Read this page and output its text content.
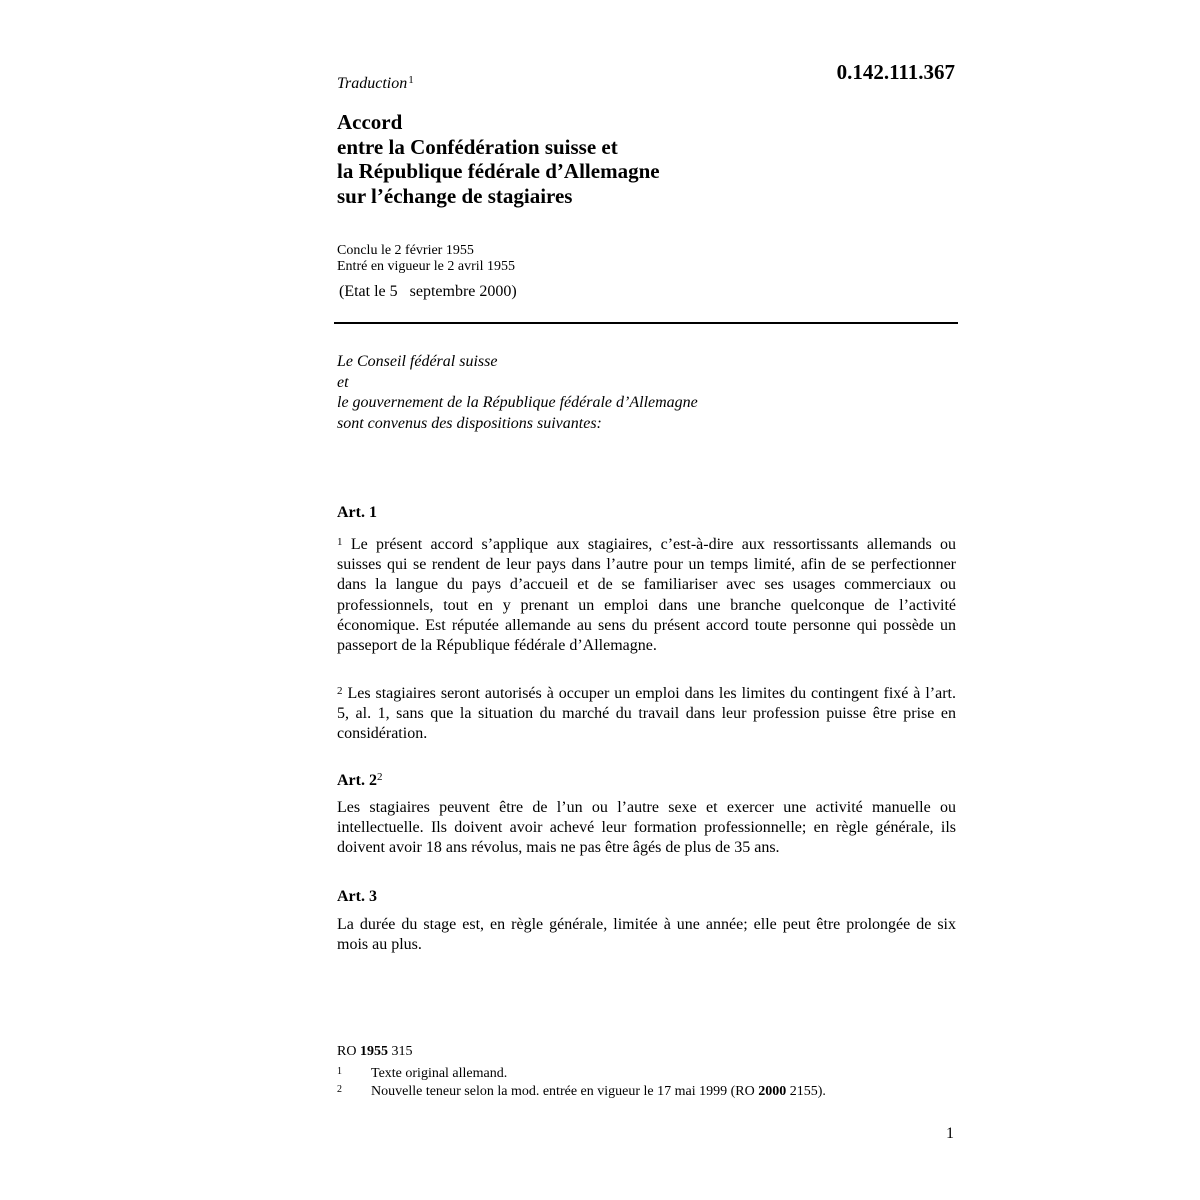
Traduction$^1$	0.142.111.367
Accord
entre la Confédération suisse et
la République fédérale d’Allemagne
sur l’échange de stagiaires
Conclu le 2 février 1955
Entré en vigueur le 2 avril 1955
(Etat le 5   septembre 2000)
Le Conseil fédéral suisse
et
le gouvernement de la République fédérale d’Allemagne
sont convenus des dispositions suivantes:
Art. 1
$^1$ Le présent accord s’applique aux stagiaires, c’est-à-dire aux ressortissants allemands ou suisses qui se rendent de leur pays dans l’autre pour un temps limité, afin de se perfectionner dans la langue du pays d’accueil et de se familiariser avec ses usages commerciaux ou professionnels, tout en y prenant un emploi dans une branche quelconque de l’activité économique. Est réputée allemande au sens du présent accord toute personne qui possède un passeport de la République fédérale d’Allemagne.
$^2$ Les stagiaires seront autorisés à occuper un emploi dans les limites du contingent fixé à l’art. 5, al. 1, sans que la situation du marché du travail dans leur profession puisse être prise en considération.
Art. $2^2$
Les stagiaires peuvent être de l’un ou l’autre sexe et exercer une activité manuelle ou intellectuelle. Ils doivent avoir achevé leur formation professionnelle; en règle générale, ils doivent avoir 18 ans révolus, mais ne pas être âgés de plus de 35 ans.
Art. 3
La durée du stage est, en règle générale, limitée à une année; elle peut être prolongée de six mois au plus.
RO 1955 315
1 Texte original allemand.
2 Nouvelle teneur selon la mod. entrée en vigueur le 17 mai 1999 (RO 2000 2155).
1
